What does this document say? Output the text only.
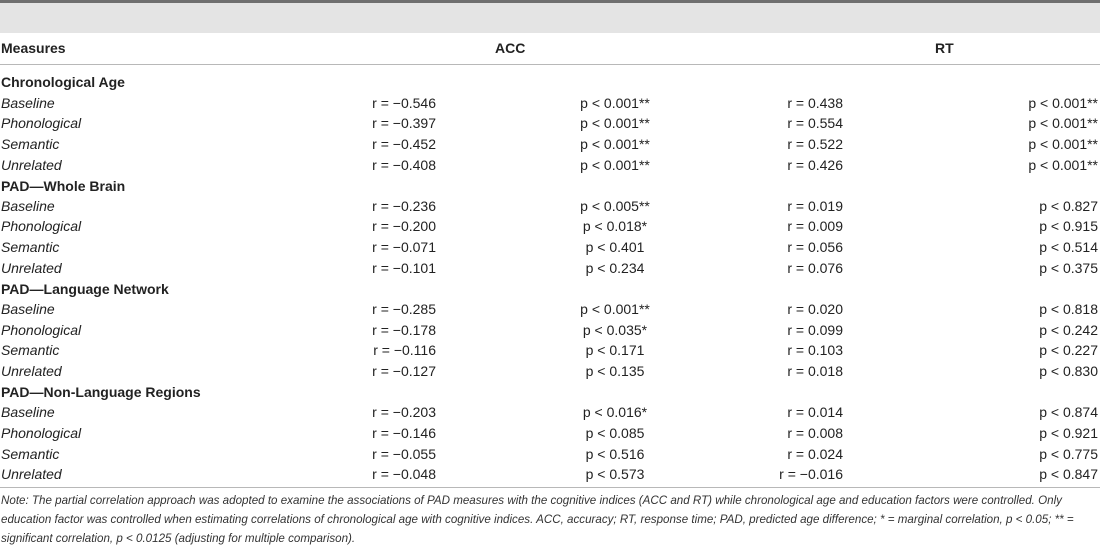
Measures	ACC	RT
Chronological Age
Baseline	r = −0.546	p < 0.001**	r = 0.438	p < 0.001**
Phonological	r = −0.397	p < 0.001**	r = 0.554	p < 0.001**
Semantic	r = −0.452	p < 0.001**	r = 0.522	p < 0.001**
Unrelated	r = −0.408	p < 0.001**	r = 0.426	p < 0.001**
PAD—Whole Brain
Baseline	r = −0.236	p < 0.005**	r = 0.019	p < 0.827
Phonological	r = −0.200	p < 0.018*	r = 0.009	p < 0.915
Semantic	r = −0.071	p < 0.401	r = 0.056	p < 0.514
Unrelated	r = −0.101	p < 0.234	r = 0.076	p < 0.375
PAD—Language Network
Baseline	r = −0.285	p < 0.001**	r = 0.020	p < 0.818
Phonological	r = −0.178	p < 0.035*	r = 0.099	p < 0.242
Semantic	r = −0.116	p < 0.171	r = 0.103	p < 0.227
Unrelated	r = −0.127	p < 0.135	r = 0.018	p < 0.830
PAD—Non-Language Regions
Baseline	r = −0.203	p < 0.016*	r = 0.014	p < 0.874
Phonological	r = −0.146	p < 0.085	r = 0.008	p < 0.921
Semantic	r = −0.055	p < 0.516	r = 0.024	p < 0.775
Unrelated	r = −0.048	p < 0.573	r = −0.016	p < 0.847
Note: The partial correlation approach was adopted to examine the associations of PAD measures with the cognitive indices (ACC and RT) while chronological age and education factors were controlled. Only education factor was controlled when estimating correlations of chronological age with cognitive indices. ACC, accuracy; RT, response time; PAD, predicted age difference; * = marginal correlation, p < 0.05; ** = significant correlation, p < 0.0125 (adjusting for multiple comparison).
